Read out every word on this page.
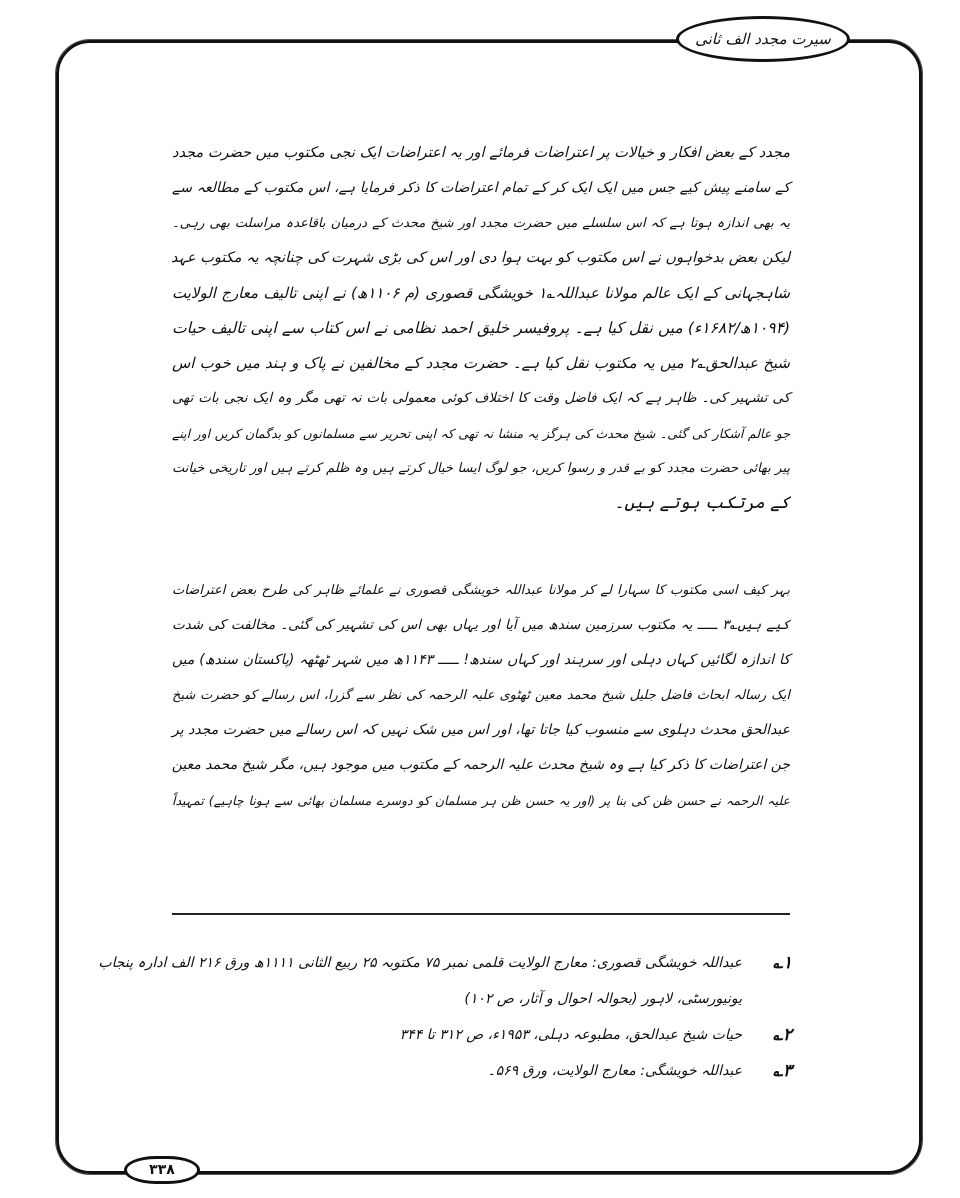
سیرت مجدد الف ثانی
مجدد کے بعض افکار و خیالات پر اعتراضات فرمائے اور یہ اعتراضات ایک نجی مکتوب میں حضرت مجدد
کے سامنے پیش کیے جس میں ایک ایک کر کے تمام اعتراضات کا ذکر فرمایا ہے، اس مکتوب کے مطالعہ سے
یہ بھی اندازہ ہوتا ہے کہ اس سلسلے میں حضرت مجدد اور شیخ محدث کے درمیان باقاعدہ مراسلت بھی رہی۔
لیکن بعض بدخواہوں نے اس مکتوب کو بہت ہوا دی اور اس کی بڑی شہرت کی چنانچہ یہ مکتوب عہد
شاہجہانی کے ایک عالم مولانا عبداللہ؎۱ خویشگی قصوری (م ۱۱۰۶ھ) نے اپنی تالیف معارج الولایت
(۱۰۹۴ھ/۱۶۸۲ء) میں نقل کیا ہے۔ پروفیسر خلیق احمد نظامی نے اس کتاب سے اپنی تالیف حیات
شیخ عبدالحق؎۲ میں یہ مکتوب نقل کیا ہے۔ حضرت مجدد کے مخالفین نے پاک و ہند میں خوب اس
کی تشہیر کی۔ ظاہر ہے کہ ایک فاضل وقت کا اختلاف کوئی معمولی بات نہ تھی مگر وہ ایک نجی بات تھی
جو عالم آشکار کی گئی۔ شیخ محدث کی ہرگز یہ منشا نہ تھی کہ اپنی تحریر سے مسلمانوں کو بدگمان کریں اور اپنے
پیر بھائی حضرت مجدد کو بے قدر و رسوا کریں، جو لوگ ایسا خیال کرتے ہیں وہ ظلم کرتے ہیں اور تاریخی خیانت
کے مرتکب ہوتے ہیں۔
بہر کیف اسی مکتوب کا سہارا لے کر مولانا عبداللہ خویشگی قصوری نے علمائے ظاہر کی طرح بعض اعتراضات
کیے ہیں؎۳ ـــــ یہ مکتوب سرزمین سندھ میں آیا اور یہاں بھی اس کی تشہیر کی گئی۔ مخالفت کی شدت
کا اندازہ لگائیں کہاں دہلی اور سرہند اور کہاں سندھ! ـــــ ۱۱۴۳ھ میں شہر ٹھٹھہ (پاکستان سندھ) میں
ایک رسالہ ابحاث فاضل جلیل شیخ محمد معین ٹھٹوی علیہ الرحمہ کی نظر سے گزرا، اس رسالے کو حضرت شیخ
عبدالحق محدث دہلوی سے منسوب کیا جاتا تھا، اور اس میں شک نہیں کہ اس رسالے میں حضرت مجدد پر
جن اعتراضات کا ذکر کیا ہے وہ شیخ محدث علیہ الرحمہ کے مکتوب میں موجود ہیں، مگر شیخ محمد معین
علیہ الرحمہ نے حسن ظن کی بنا پر (اور یہ حسن ظن ہر مسلمان کو دوسرے مسلمان بھائی سے ہونا چاہیے) تمہیداً
۱؎
عبداللہ خویشگی قصوری: معارج الولایت قلمی نمبر ۷۵ مکتوبہ ۲۵ ربیع الثانی ۱۱۱۱ھ ورق ۲۱۶ الف ادارہ پنجاب
یونیورسٹی، لاہور (بحوالہ احوال و آثار، ص ۱۰۲)
۲؎
حیات شیخ عبدالحق، مطبوعہ دہلی، ۱۹۵۳ء، ص ۳۱۲ تا ۳۴۴
۳؎
عبداللہ خویشگی: معارج الولایت، ورق ۵۶۹۔
۳۳۸
